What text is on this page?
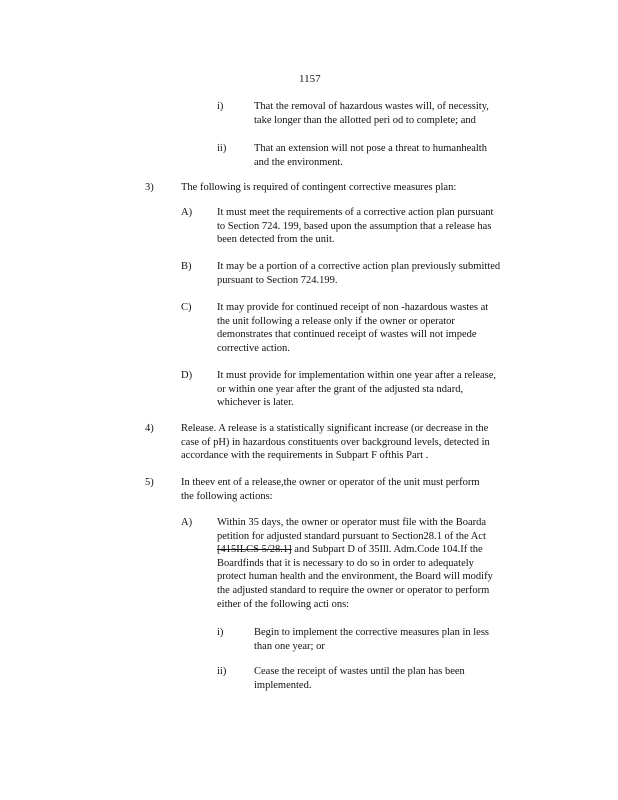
1157
i)	That the removal of hazardous wastes will, of necessity,
take longer than the allotted peri od to complete; and
ii)	That an extension will not pose a threat to humanhealth
and the environment.
3)	The following is required of contingent corrective measures plan:
A) It must meet the requirements of a corrective action plan pursuant
to Section 724. 199, based upon the assumption that a release has
been detected from the unit.
B) It may be a portion of a corrective action plan previously submitted
pursuant to Section 724.199.
C) It may provide for continued receipt of non -hazardous wastes at
the unit following a release only if the owner or operator
demonstrates that continued receipt of wastes will not impede
corrective action.
D) It must provide for implementation within one year after a release,
or within one year after the grant of the adjusted sta ndard,
whichever is later.
4)	Release. A release is a statistically significant increase (or decrease in the
case of pH) in hazardous constituents over background levels, detected in
accordance with the requirements in Subpart F ofthis Part .
5)	In theev ent of a release,the owner or operator of the unit must perform
the following actions:
A) Within 35 days, the owner or operator must file with the Boarda
petition for adjusted standard pursuant to Section28.1 of the Act
[415ILCS 5/28.1] and Subpart D of 35Ill. Adm.Code 104.If the
Boardfinds that it is necessary to do so in order to adequately
protect human health and the environment, the Board will modify
the adjusted standard to require the owner or operator to perform
either of the following acti ons:
i)	Begin to implement the corrective measures plan in less
than one year; or
ii)	Cease the receipt of wastes until the plan has been
implemented.
